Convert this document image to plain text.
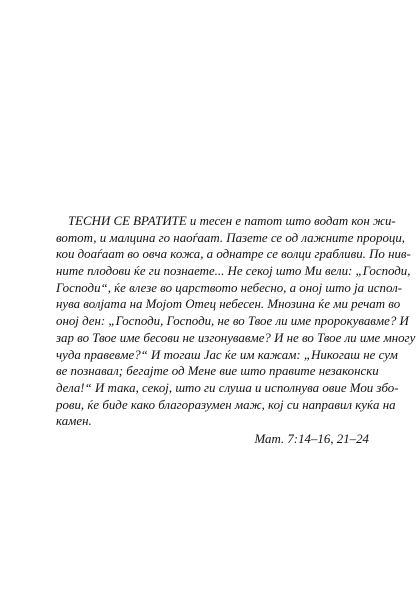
ТЕСНИ СЕ ВРАТИТЕ и тесен е патот што водат кон жи-
вотот, и малцина го наоѓаат. Пазете се од лажните пророци,
кои доаѓаат во овча кожа, а однатре се волци грабливи. По нив-
ните плодови ќе ги познаете... Не секој што Ми вели: „Господи,
Господи“, ќе влезе во царството небесно, а оној што ја испол-
нува волјата на Мојот Отец небесен. Мнозина ќе ми речат во
оној ден: „Господи, Господи, не во Твое ли име пророкувавме? И
зар во Твое име бесови не изгонувавме? И не во Твое ли име многу
чуда правевме?“ И тогаш Јас ќе им кажам: „Никогаш не сум
ве познавал; бегајте од Мене вие што правите незаконски
дела!“ И така, секој, што ги слуша и исполнува овие Мои збо-
рови, ќе биде како благоразумен маж, кој си направил куќа на
камен.
Мат. 7:14–16, 21–24
